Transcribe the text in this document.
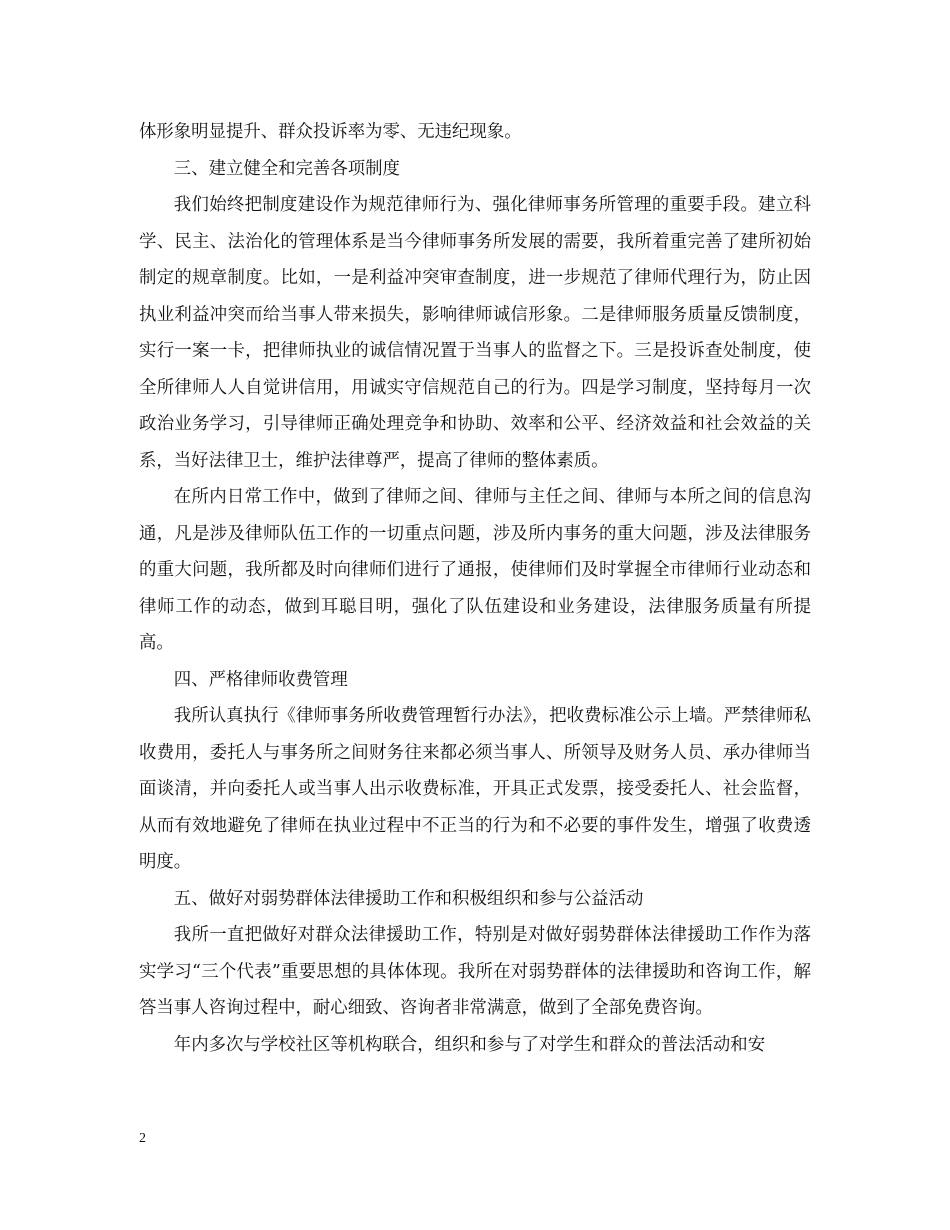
体形象明显提升、群众投诉率为零、无违纪现象。

三、建立健全和完善各项制度

我们始终把制度建设作为规范律师行为、强化律师事务所管理的重要手段。建立科学、民主、法治化的管理体系是当今律师事务所发展的需要，我所着重完善了建所初始制定的规章制度。比如，一是利益冲突审查制度，进一步规范了律师代理行为，防止因执业利益冲突而给当事人带来损失，影响律师诚信形象。二是律师服务质量反馈制度，实行一案一卡，把律师执业的诚信情况置于当事人的监督之下。三是投诉查处制度，使全所律师人人自觉讲信用，用诚实守信规范自己的行为。四是学习制度，坚持每月一次政治业务学习，引导律师正确处理竞争和协助、效率和公平、经济效益和社会效益的关系，当好法律卫士，维护法律尊严，提高了律师的整体素质。

在所内日常工作中，做到了律师之间、律师与主任之间、律师与本所之间的信息沟通，凡是涉及律师队伍工作的一切重点问题，涉及所内事务的重大问题，涉及法律服务的重大问题，我所都及时向律师们进行了通报，使律师们及时掌握全市律师行业动态和律师工作的动态，做到耳聪目明，强化了队伍建设和业务建设，法律服务质量有所提高。

四、严格律师收费管理

我所认真执行《律师事务所收费管理暂行办法》，把收费标准公示上墙。严禁律师私收费用，委托人与事务所之间财务往来都必须当事人、所领导及财务人员、承办律师当面谈清，并向委托人或当事人出示收费标准，开具正式发票，接受委托人、社会监督，从而有效地避免了律师在执业过程中不正当的行为和不必要的事件发生，增强了收费透明度。

五、做好对弱势群体法律援助工作和积极组织和参与公益活动

我所一直把做好对群众法律援助工作，特别是对做好弱势群体法律援助工作作为落实学习“三个代表”重要思想的具体体现。我所在对弱势群体的法律援助和咨询工作，解答当事人咨询过程中，耐心细致、咨询者非常满意，做到了全部免费咨询。

年内多次与学校社区等机构联合，组织和参与了对学生和群众的普法活动和安

2
